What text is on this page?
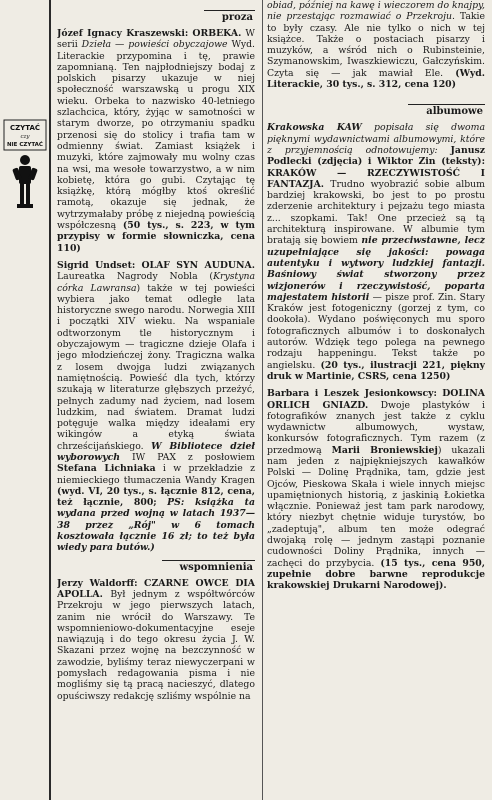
CZYTAĆ
czy
NIE CZYTAĆ
proza

Józef Ignacy Kraszewski: ORBEKA. W serii Dzieła — powieści obyczajowe Wyd. Literackie przypomina i tę, prawie zapomnianą. Ten najpłodniejszy bodaj z polskich pisarzy ukazuje w niej społeczność warszawską u progu XIX wieku. Orbeka to nazwisko 40-letniego szlachcica, który, żyjąc w samotności w starym dworze, po otrzymaniu spadku przenosi się do stolicy i trafia tam w odmienny świat. Zamiast książek i muzyki, które zajmowały mu wolny czas na wsi, ma wesołe towarzystwo, a w nim kobietę, która go gubi. Czytając tę książkę, którą mógłby ktoś określić ramotą, okazuje się jednak, że wytrzymałaby próbę z niejedną powieścią współczesną (50 tys., s. 223, w tym przypisy w formie słowniczka, cena 110)

Sigrid Undset: OLAF SYN AUDUNA. Laureatka Nagrody Nobla (Krystyna córka Lawransa) także w tej powieści wybiera jako temat odległe lata historyczne swego narodu. Norwegia XIII i początki XIV wieku. Na wspaniale odtworzonym tle historycznym i obyczajowym — tragiczne dzieje Olafa i jego młodzieńczej żony. Tragiczna walka z losem dwojga ludzi związanych namiętnością. Powieść dla tych, którzy szukają w literaturze głębszych przeżyć, pełnych zadumy nad życiem, nad losem ludzkim, nad światem. Dramat ludzi potęguje walka między ideałami ery wikingów a etyką świata chrześcijańskiego. W Bibliotece dzieł wyborowych IW PAX z posłowiem Stefana Lichniaka i w przekładzie z niemieckiego tłumaczenia Wandy Kragen (wyd. VI, 20 tys., s. łącznie 812, cena, też łącznie, 800; PS: książka ta wydana przed wojną w latach 1937—38 przez „Rój" w 6 tomach kosztowała łącznie 16 zł; to też była wiedy para butów.)

wspomnienia

Jerzy Waldorff: CZARNE OWCE DIA APOLLA. Był jednym z współtwórców Przekroju w jego pierwszych latach, zanim nie wrócił do Warszawy. Te wspomnieniowo-dokumentacyjne eseje nawiązują i do tego okresu życia J. W. Skazani przez wojnę na bezczynność w zawodzie, byliśmy teraz niewyczerpani w pomysłach redagowania pisma i nie mogliśmy się tą pracą nacieszyć, dlatego opuściwszy redakcję szliśmy wspólnie na

obiad, później na kawę i wieczorem do knajpy, nie przestając rozmawiać o Przekroju. Takie to były czasy. Ale nie tylko o nich w tej książce. Także o postaciach pisarzy i muzyków, a wśród nich o Rubinsteinie, Szymanowskim, Iwaszkiewiczu, Gałczyńskim. Czyta się — jak mawiał Ele. (Wyd. Literackie, 30 tys., s. 312, cena 120)

albumowe

Krakowska KAW popisała się dwoma pięknymi wydawnictwami albumowymi, które z przyjemnością odnotowujemy: Janusz Podlecki (zdjęcia) i Wiktor Zin (teksty): KRAKÓW — RZECZYWISTOŚĆ I FANTAZJA. Trudno wyobrazić sobie album bardziej krakowski, bo jest to po prostu zderzenie architektury i pejzażu tego miasta z... szopkami. Tak! One przecież są tą architekturą inspirowane. W albumie tym bratają się bowiem nie przeciwstawne, lecz uzupełniające się jakości: powaga autentyku i wytwory ludzkiej fantazji. Baśniowy świat stworzony przez wizjonerów i rzeczywistość, poparta majestatem historii — pisze prof. Zin. Stary Kraków jest fotogeniczny (gorzej z tym, co dookoła). Wydano poświęconych mu sporo fotograficznych albumów i to doskonałych autorów. Wdzięk tego polega na pewnego rodzaju happeningu. Tekst także po angielsku. (20 tys., ilustracji 221, piękny druk w Martinie, CSRS, cena 1250)

Barbara i Leszek Jesionkowscy: DOLINA ORLICH GNIAZD. Dwoje plastyków i fotografików znanych jest także z cyklu wydawnictw albumowych, wystaw, konkursów fotograficznych. Tym razem (z przedmową Marii Broniewskiej) ukazali nam jeden z najpiękniejszych kawałków Polski — Dolinę Prądnika, tam, gdzie jest Ojców, Pieskowa Skała i wiele innych miejsc upamiętnionych historią, z jaskinią Łokietka włącznie. Ponieważ jest tam park narodowy, który niezbyt chętnie widuje turystów, bo „zadeptują", album ten może odegrać dwojaką rolę — jednym zastąpi poznanie cudowności Doliny Prądnika, innych — zachęci do przybycia. (15 tys., cena 950, zupełnie dobre barwne reprodukcje krakowskiej Drukarni Narodowej).
